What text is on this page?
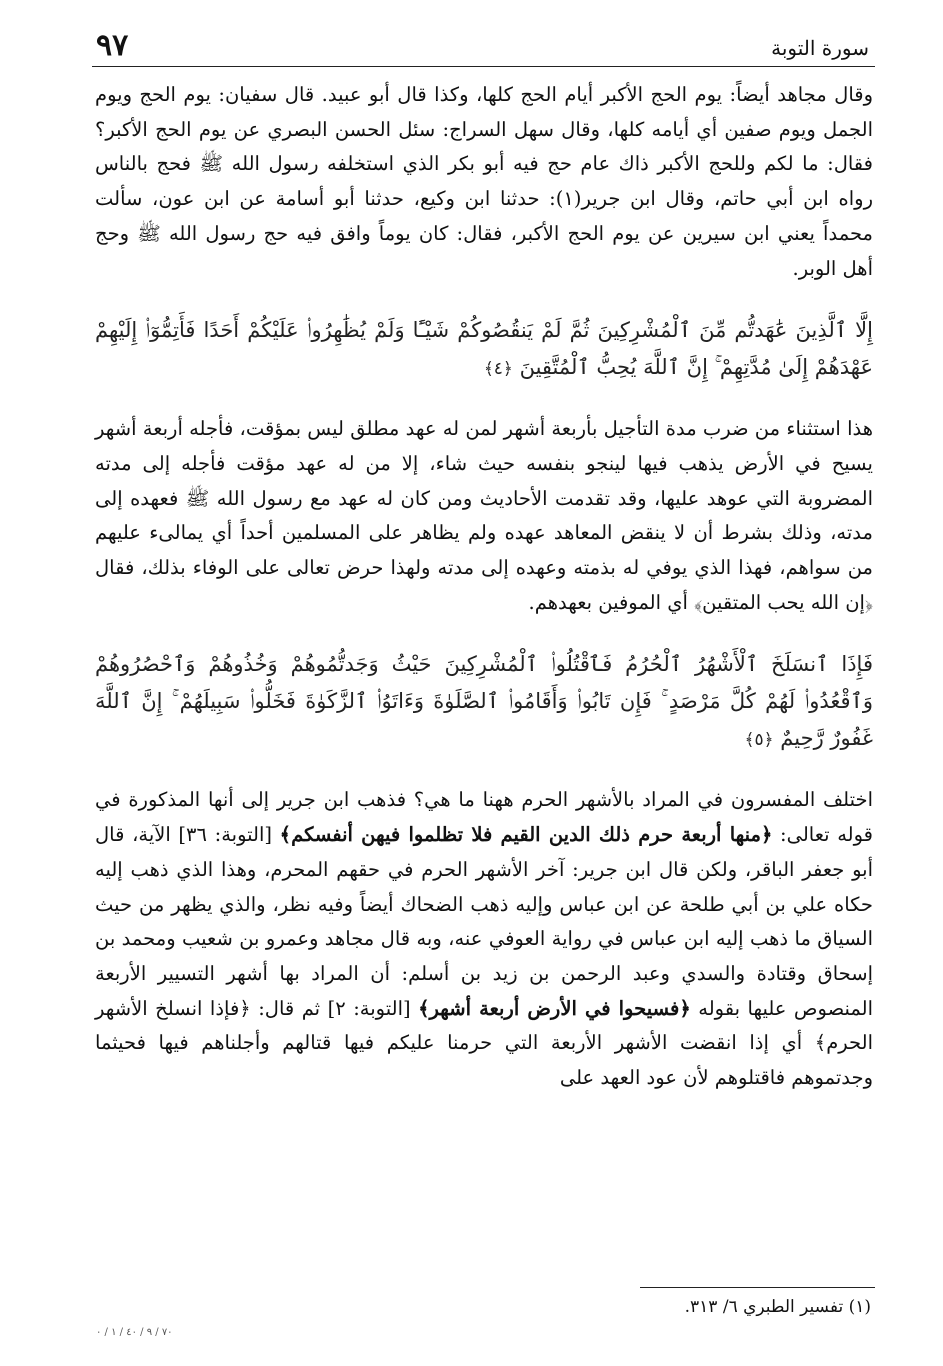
٩٧	سورة التوبة

وقال مجاهد أيضاً: يوم الحج الأكبر أيام الحج كلها، وكذا قال أبو عبيد. قال سفيان: يوم الحج ويوم الجمل ويوم صفين أي أيامه كلها، وقال سهل السراج: سئل الحسن البصري عن يوم الحج الأكبر؟ فقال: ما لكم وللحج الأكبر ذاك عام حج فيه أبو بكر الذي استخلفه رسول الله ﷺ فحج بالناس رواه ابن أبي حاتم، وقال ابن جرير(١): حدثنا ابن وكيع، حدثنا أبو أسامة عن ابن عون، سألت محمداً يعني ابن سيرين عن يوم الحج الأكبر، فقال: كان يوماً وافق فيه حج رسول الله ﷺ وحج أهل الوبر.

إِلَّا ٱلَّذِينَ عَٰهَدتُّم مِّنَ ٱلْمُشْرِكِينَ ثُمَّ لَمْ يَنقُصُوكُمْ شَيْـًٔا وَلَمْ يُظَٰهِرُوا۟ عَلَيْكُمْ أَحَدًا فَأَتِمُّوٓا۟ إِلَيْهِمْ عَهْدَهُمْ إِلَىٰ مُدَّتِهِمْ ۚ إِنَّ ٱللَّهَ يُحِبُّ ٱلْمُتَّقِينَ ﴿٤﴾

هذا استثناء من ضرب مدة التأجيل بأربعة أشهر لمن له عهد مطلق ليس بمؤقت، فأجله أربعة أشهر يسيح في الأرض يذهب فيها لينجو بنفسه حيث شاء، إلا من له عهد مؤقت فأجله إلى مدته المضروبة التي عوهد عليها، وقد تقدمت الأحاديث ومن كان له عهد مع رسول الله ﷺ فعهده إلى مدته، وذلك بشرط أن لا ينقض المعاهد عهده ولم يظاهر على المسلمين أحداً أي يمالىء عليهم من سواهم، فهذا الذي يوفي له بذمته وعهده إلى مدته ولهذا حرض تعالى على الوفاء بذلك، فقال ﴿إن الله يحب المتقين﴾ أي الموفين بعهدهم.

فَإِذَا ٱنسَلَخَ ٱلْأَشْهُرُ ٱلْحُرُمُ فَٱقْتُلُوا۟ ٱلْمُشْرِكِينَ حَيْثُ وَجَدتُّمُوهُمْ وَخُذُوهُمْ وَٱحْصُرُوهُمْ وَٱقْعُدُوا۟ لَهُمْ كُلَّ مَرْصَدٍ ۚ فَإِن تَابُوا۟ وَأَقَامُوا۟ ٱلصَّلَوٰةَ وَءَاتَوُا۟ ٱلزَّكَوٰةَ فَخَلُّوا۟ سَبِيلَهُمْ ۚ إِنَّ ٱللَّهَ غَفُورٌ رَّحِيمٌ ﴿٥﴾

اختلف المفسرون في المراد بالأشهر الحرم ههنا ما هي؟ فذهب ابن جرير إلى أنها المذكورة في قوله تعالى: ﴿منها أربعة حرم ذلك الدين القيم فلا تظلموا فيهن أنفسكم﴾ [التوبة: ٣٦] الآية، قال أبو جعفر الباقر، ولكن قال ابن جرير: آخر الأشهر الحرم في حقهم المحرم، وهذا الذي ذهب إليه حكاه علي بن أبي طلحة عن ابن عباس وإليه ذهب الضحاك أيضاً وفيه نظر، والذي يظهر من حيث السياق ما ذهب إليه ابن عباس في رواية العوفي عنه، وبه قال مجاهد وعمرو بن شعيب ومحمد بن إسحاق وقتادة والسدي وعبد الرحمن بن زيد بن أسلم: أن المراد بها أشهر التسيير الأربعة المنصوص عليها بقوله ﴿فسيحوا في الأرض أربعة أشهر﴾ [التوبة: ٢] ثم قال: ﴿فإذا انسلخ الأشهر الحرم﴾ أي إذا انقضت الأشهر الأربعة التي حرمنا عليكم فيها قتالهم وأجلناهم فيها فحيثما وجدتموهم فاقتلوهم لأن عود العهد على

(١) تفسير الطبري ٦/ ٣١٣.
٧٠ / ٩ / ٤٠ / ١ / ٠
